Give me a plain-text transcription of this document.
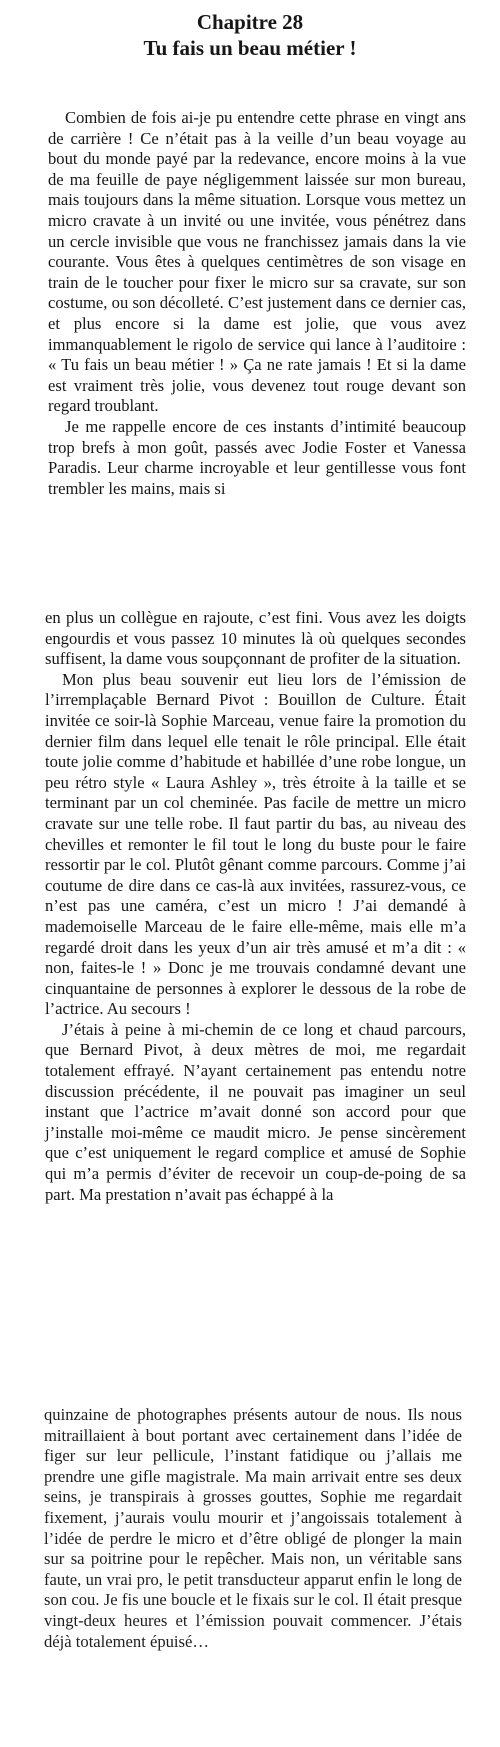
Chapitre 28
Tu fais un beau métier !

Combien de fois ai-je pu entendre cette phrase en vingt ans de carrière ! Ce n’était pas à la veille d’un beau voyage au bout du monde payé par la redevance, encore moins à la vue de ma feuille de paye négligemment laissée sur mon bureau, mais toujours dans la même situation. Lorsque vous mettez un micro cravate à un invité ou une invitée, vous pénétrez dans un cercle invisible que vous ne franchissez jamais dans la vie courante. Vous êtes à quelques centimètres de son visage en train de le toucher pour fixer le micro sur sa cravate, sur son costume, ou son décolleté. C’est justement dans ce dernier cas, et plus encore si la dame est jolie, que vous avez immanquablement le rigolo de service qui lance à l’auditoire : « Tu fais un beau métier ! » Ça ne rate jamais ! Et si la dame est vraiment très jolie, vous devenez tout rouge devant son regard troublant.

Je me rappelle encore de ces instants d’intimité beaucoup trop brefs à mon goût, passés avec Jodie Foster et Vanessa Paradis. Leur charme incroyable et leur gentillesse vous font trembler les mains, mais si

en plus un collègue en rajoute, c’est fini. Vous avez les doigts engourdis et vous passez 10 minutes là où quelques secondes suffisent, la dame vous soupçonnant de profiter de la situation.

Mon plus beau souvenir eut lieu lors de l’émission de l’irremplaçable Bernard Pivot : Bouillon de Culture. Était invitée ce soir-là Sophie Marceau, venue faire la promotion du dernier film dans lequel elle tenait le rôle principal. Elle était toute jolie comme d’habitude et habillée d’une robe longue, un peu rétro style « Laura Ashley », très étroite à la taille et se terminant par un col cheminée. Pas facile de mettre un micro cravate sur une telle robe. Il faut partir du bas, au niveau des chevilles et remonter le fil tout le long du buste pour le faire ressortir par le col. Plutôt gênant comme parcours. Comme j’ai coutume de dire dans ce cas-là aux invitées, rassurez-vous, ce n’est pas une caméra, c’est un micro ! J’ai demandé à mademoiselle Marceau de le faire elle-même, mais elle m’a regardé droit dans les yeux d’un air très amusé et m’a dit : « non, faites-le ! » Donc je me trouvais condamné devant une cinquantaine de personnes à explorer le dessous de la robe de l’actrice. Au secours !

J’étais à peine à mi-chemin de ce long et chaud parcours, que Bernard Pivot, à deux mètres de moi, me regardait totalement effrayé. N’ayant certainement pas entendu notre discussion précédente, il ne pouvait pas imaginer un seul instant que l’actrice m’avait donné son accord pour que j’installe moi-même ce maudit micro. Je pense sincèrement que c’est uniquement le regard complice et amusé de Sophie qui m’a permis d’éviter de recevoir un coup-de-poing de sa part. Ma prestation n’avait pas échappé à la

quinzaine de photographes présents autour de nous. Ils nous mitraillaient à bout portant avec certainement dans l’idée de figer sur leur pellicule, l’instant fatidique ou j’allais me prendre une gifle magistrale. Ma main arrivait entre ses deux seins, je transpirais à grosses gouttes, Sophie me regardait fixement, j’aurais voulu mourir et j’angoissais totalement à l’idée de perdre le micro et d’être obligé de plonger la main sur sa poitrine pour le repêcher. Mais non, un véritable sans faute, un vrai pro, le petit transducteur apparut enfin le long de son cou. Je fis une boucle et le fixais sur le col. Il était presque vingt-deux heures et l’émission pouvait commencer. J’étais déjà totalement épuisé…
